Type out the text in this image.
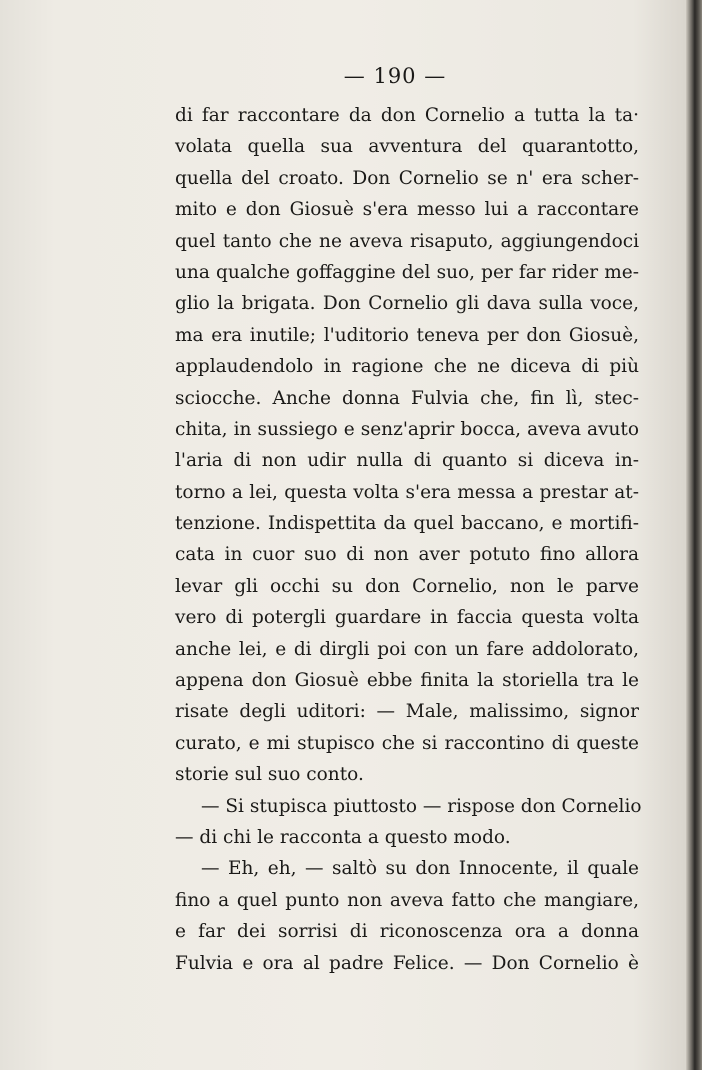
— 190 —
di far raccontare da don Cornelio a tutta la ta·
volata quella sua avventura del quarantotto,
quella del croato. Don Cornelio se n' era scher-
mito e don Giosuè s'era messo lui a raccontare
quel tanto che ne aveva risaputo, aggiungendoci
una qualche goffaggine del suo, per far rider me-
glio la brigata. Don Cornelio gli dava sulla voce,
ma era inutile; l'uditorio teneva per don Giosuè,
applaudendolo in ragione che ne diceva di più
sciocche. Anche donna Fulvia che, fin lì, stec-
chita, in sussiego e senz'aprir bocca, aveva avuto
l'aria di non udir nulla di quanto si diceva in-
torno a lei, questa volta s'era messa a prestar at-
tenzione. Indispettita da quel baccano, e mortifi-
cata in cuor suo di non aver potuto fino allora
levar gli occhi su don Cornelio, non le parve
vero di potergli guardare in faccia questa volta
anche lei, e di dirgli poi con un fare addolorato,
appena don Giosuè ebbe finita la storiella tra le
risate degli uditori: — Male, malissimo, signor
curato, e mi stupisco che si raccontino di queste
storie sul suo conto.
— Si stupisca piuttosto — rispose don Cornelio
— di chi le racconta a questo modo.
— Eh, eh, — saltò su don Innocente, il quale
fino a quel punto non aveva fatto che mangiare,
e far dei sorrisi di riconoscenza ora a donna
Fulvia e ora al padre Felice. — Don Cornelio è
